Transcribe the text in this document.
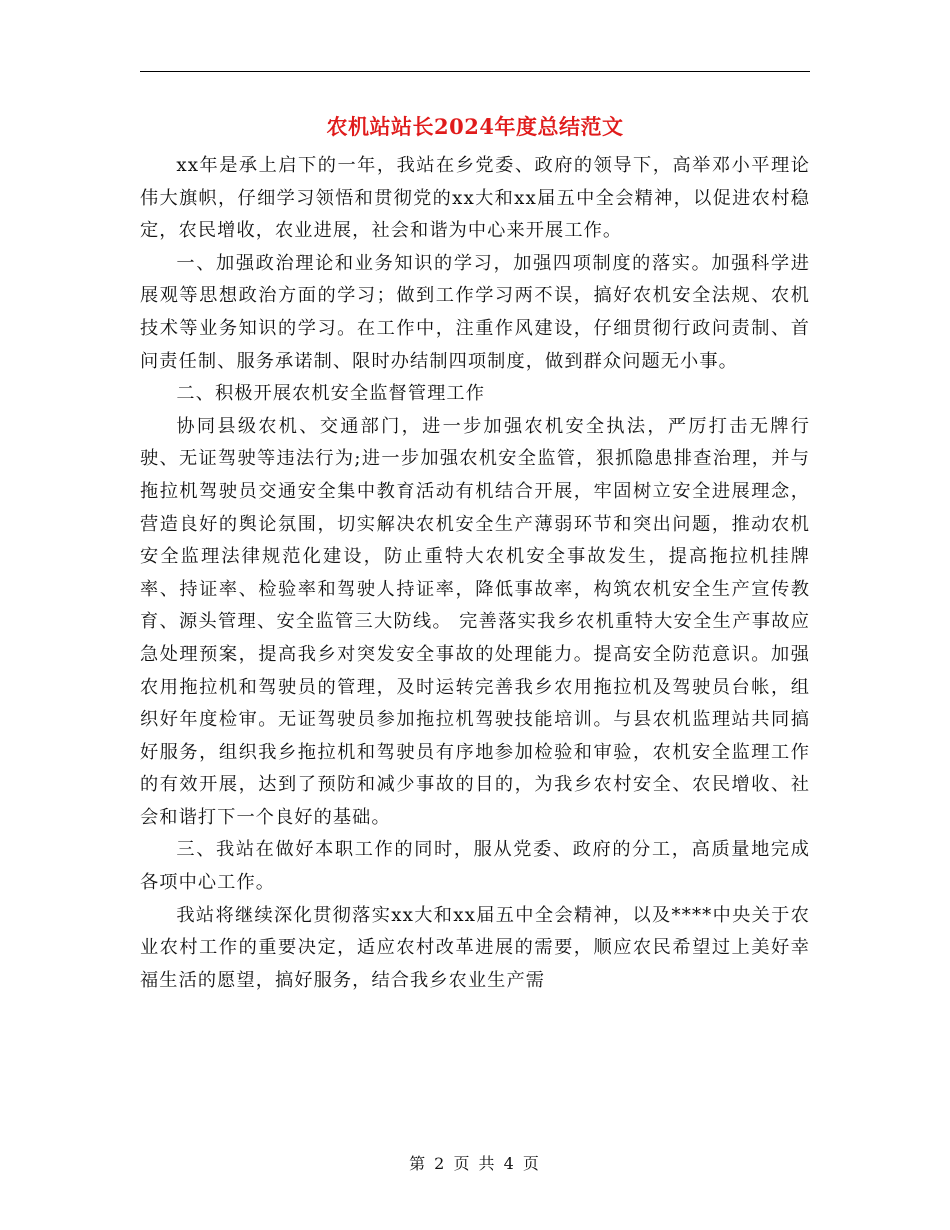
农机站站长2024年度总结范文

xx年是承上启下的一年，我站在乡党委、政府的领导下，高举邓小平理论伟大旗帜，仔细学习领悟和贯彻党的xx大和xx届五中全会精神，以促进农村稳定，农民增收，农业进展，社会和谐为中心来开展工作。

一、加强政治理论和业务知识的学习，加强四项制度的落实。加强科学进展观等思想政治方面的学习；做到工作学习两不误，搞好农机安全法规、农机技术等业务知识的学习。在工作中，注重作风建设，仔细贯彻行政问责制、首问责任制、服务承诺制、限时办结制四项制度，做到群众问题无小事。

二、积极开展农机安全监督管理工作

协同县级农机、交通部门，进一步加强农机安全执法，严厉打击无牌行驶、无证驾驶等违法行为;进一步加强农机安全监管，狠抓隐患排查治理，并与拖拉机驾驶员交通安全集中教育活动有机结合开展，牢固树立安全进展理念，营造良好的舆论氛围，切实解决农机安全生产薄弱环节和突出问题，推动农机安全监理法律规范化建设，防止重特大农机安全事故发生，提高拖拉机挂牌率、持证率、检验率和驾驶人持证率，降低事故率，构筑农机安全生产宣传教育、源头管理、安全监管三大防线。 完善落实我乡农机重特大安全生产事故应急处理预案，提高我乡对突发安全事故的处理能力。提高安全防范意识。加强农用拖拉机和驾驶员的管理，及时运转完善我乡农用拖拉机及驾驶员台帐，组织好年度检审。无证驾驶员参加拖拉机驾驶技能培训。与县农机监理站共同搞好服务，组织我乡拖拉机和驾驶员有序地参加检验和审验，农机安全监理工作的有效开展，达到了预防和减少事故的目的，为我乡农村安全、农民增收、社会和谐打下一个良好的基础。

三、我站在做好本职工作的同时，服从党委、政府的分工，高质量地完成各项中心工作。

我站将继续深化贯彻落实xx大和xx届五中全会精神，以及****中央关于农业农村工作的重要决定，适应农村改革进展的需要，顺应农民希望过上美好幸福生活的愿望，搞好服务，结合我乡农业生产需

第 2 页 共 4 页
